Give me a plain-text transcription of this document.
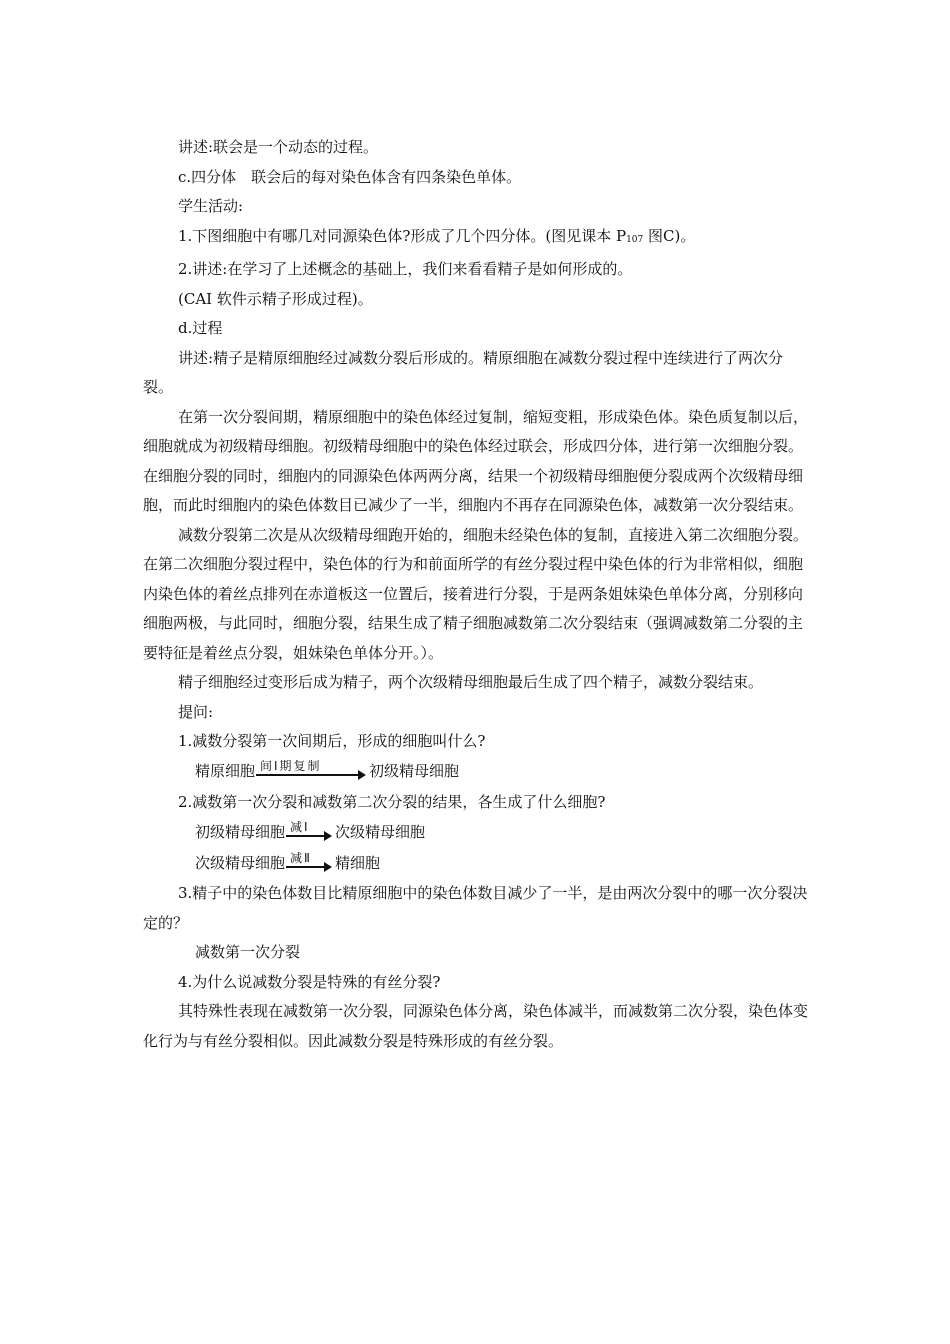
讲述:联会是一个动态的过程。

c.四分体　联会后的每对染色体含有四条染色单体。

学生活动:

1.下图细胞中有哪几对同源染色体?形成了几个四分体。(图见课本 $P_{107}$ 图C)。

2.讲述:在学习了上述概念的基础上，我们来看看精子是如何形成的。

(CAI 软件示精子形成过程)。

d.过程

讲述:精子是精原细胞经过减数分裂后形成的。精原细胞在减数分裂过程中连续进行了两次分裂。

在第一次分裂间期，精原细胞中的染色体经过复制，缩短变粗，形成染色体。染色质复制以后，细胞就成为初级精母细胞。初级精母细胞中的染色体经过联会，形成四分体，进行第一次细胞分裂。在细胞分裂的同时，细胞内的同源染色体两两分离，结果一个初级精母细胞便分裂成两个次级精母细胞，而此时细胞内的染色体数目已减少了一半，细胞内不再存在同源染色体，减数第一次分裂结束。

减数分裂第二次是从次级精母细跑开始的，细胞未经染色体的复制，直接进入第二次细胞分裂。在第二次细胞分裂过程中，染色体的行为和前面所学的有丝分裂过程中染色体的行为非常相似，细胞内染色体的着丝点排列在赤道板这一位置后，接着进行分裂，于是两条姐妹染色单体分离，分别移向细胞两极，与此同时，细胞分裂，结果生成了精子细胞减数第二次分裂结束（强调减数第二分裂的主要特征是着丝点分裂，姐妹染色单体分开。）。

精子细胞经过变形后成为精子，两个次级精母细胞最后生成了四个精子，减数分裂结束。

提问:

1.减数分裂第一次间期后，形成的细胞叫什么?

精原细胞 间Ⅰ期复制	初级精母细胞

2.减数第一次分裂和减数第二次分裂的结果，各生成了什么细胞?

初级精母细胞 减Ⅰ 次级精母细胞
次级精母细胞 减Ⅱ 精细胞

3.精子中的染色体数目比精原细胞中的染色体数目减少了一半，是由两次分裂中的哪一次分裂决定的？

减数第一次分裂

4.为什么说减数分裂是特殊的有丝分裂?

其特殊性表现在减数第一次分裂，同源染色体分离，染色体减半，而减数第二次分裂，染色体变化行为与有丝分裂相似。因此减数分裂是特殊形成的有丝分裂。
